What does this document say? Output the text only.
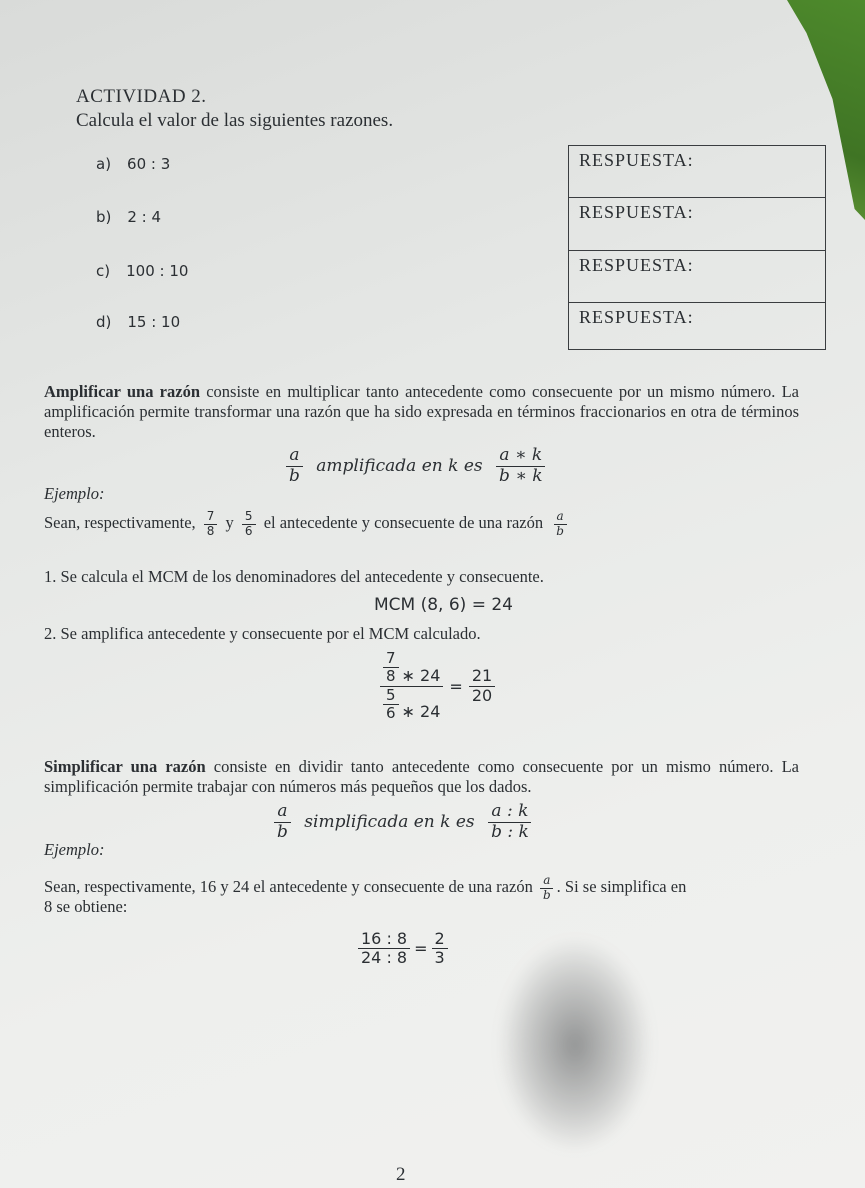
ACTIVIDAD 2.
Calcula el valor de las siguientes razones.
a) 60 : 3
b) 2 : 4
c) 100 : 10
d) 15 : 10
RESPUESTA:
RESPUESTA:
RESPUESTA:
RESPUESTA:
Amplificar una razón consiste en multiplicar tanto antecedente como consecuente por un mismo número. La amplificación permite transformar una razón que ha sido expresada en términos fraccionarios en otra de términos enteros.
$\frac{a}{b}$ amplificada en k es $\frac{a ∗ k}{b ∗ k}$
Ejemplo:
Sean, respectivamente, $\frac{7}{8}$ y $\frac{5}{6}$ el antecedente y consecuente de una razón $\frac{a}{b}$
1. Se calcula el MCM de los denominadores del antecedente y consecuente.
MCM (8, 6) = 24
2. Se amplifica antecedente y consecuente por el MCM calculado.
$\frac{\frac{7}{8} ∗ 24}{\frac{5}{6} ∗ 24} = \frac{21}{20}$
Simplificar una razón consiste en dividir tanto antecedente como consecuente por un mismo número. La simplificación permite trabajar con números más pequeños que los dados.
$\frac{a}{b}$ simplificada en k es $\frac{a : k}{b : k}$
Ejemplo:
Sean, respectivamente, 16 y 24 el antecedente y consecuente de una razón $\frac{a}{b}$ . Si se simplifica en
8 se obtiene:
$\frac{16 : 8}{24 : 8} = \frac{2}{3}$
2
